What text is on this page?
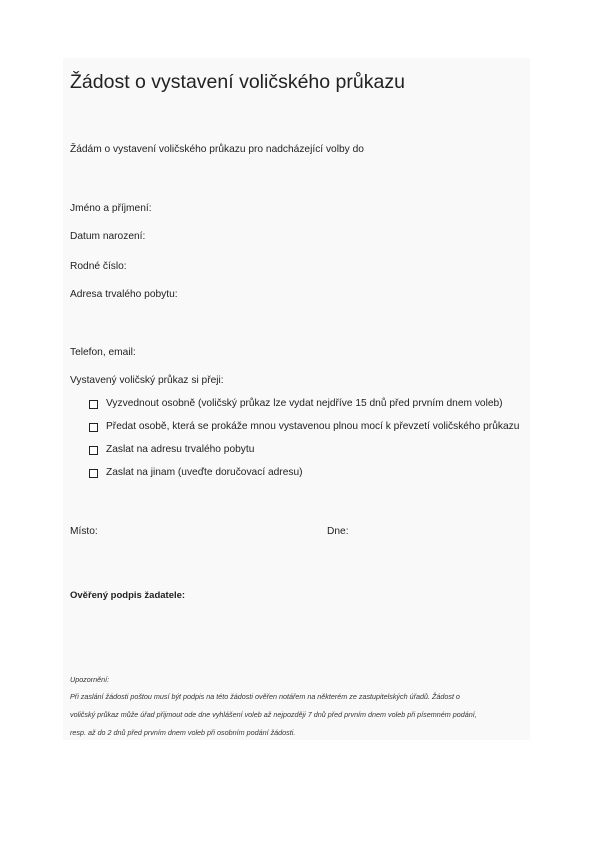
Žádost o vystavení voličského průkazu
Žádám o vystavení voličského průkazu pro nadcházející volby do
Jméno a příjmení:
Datum narození:
Rodné číslo:
Adresa trvalého pobytu:
Telefon, email:
Vystavený voličský průkaz si přeji:
Vyzvednout osobně (voličský průkaz lze vydat nejdříve 15 dnů před prvním dnem voleb)
Předat osobě, která se prokáže mnou vystavenou plnou mocí k převzetí voličského průkazu
Zaslat na adresu trvalého pobytu
Zaslat na jinam (uveďte doručovací adresu)
Místo:	Dne:
Ověřený podpis žadatele:
Upozornění:
Při zaslání žádosti poštou musí být podpis na této žádosti ověřen notářem na některém ze zastupitelských úřadů. Žádost o
voličský průkaz může úřad přijmout ode dne vyhlášení voleb až nejpozději 7 dnů před prvním dnem voleb při písemném podání,
resp. až do 2 dnů před prvním dnem voleb při osobním podání žádosti.
